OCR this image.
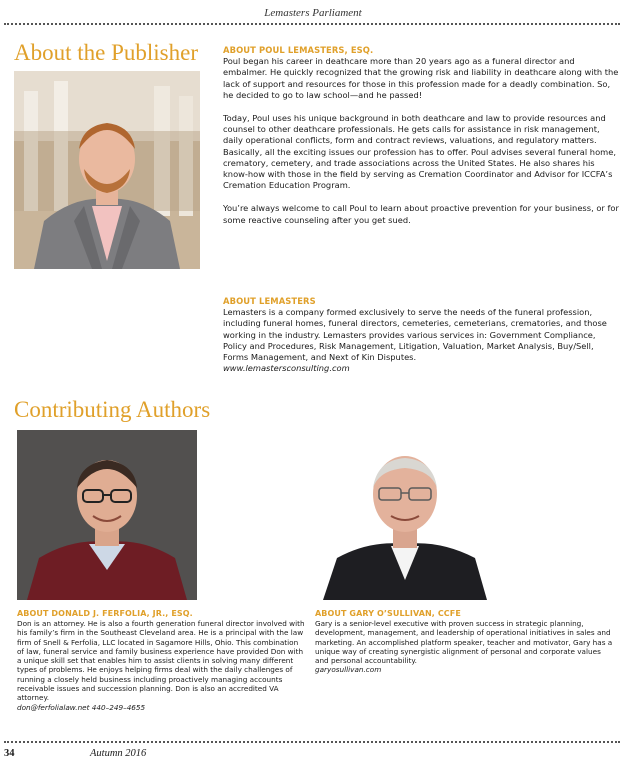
Lemasters Parliament
About the Publisher	ABOUT POUL LEMASTERS, ESQ.

Poul began his career in deathcare more than 20 years ago as a funeral director and embalmer. He quickly recognized that the growing risk and liability in deathcare along with the lack of support and resources for those in this profession made for a deadly combination. So, he decided to go to law school—and he passed!

Today, Poul uses his unique background in both deathcare and law to provide resources and counsel to other deathcare professionals. He gets calls for assistance in risk management, daily operational conflicts, form and contract reviews, valuations, and regulatory matters. Basically, all the exciting issues our profession has to offer. Poul advises several funeral home, crematory, cemetery, and trade associations across the United States. He also shares his know-how with those in the field by serving as Cremation Coordinator and Advisor for ICCFA’s Cremation Education Program.

You’re always welcome to call Poul to learn about proactive prevention for your business, or for some reactive counseling after you get sued.

ABOUT LEMASTERS

Lemasters is a company formed exclusively to serve the needs of the funeral profession, including funeral homes, funeral directors, cemeteries, cemeterians, crematories, and those working in the industry. Lemasters provides various services in: Government Compliance, Policy and Procedures, Risk Management, Litigation, Valuation, Market Analysis, Buy/Sell, Forms Management, and Next of Kin Disputes.

www.lemastersconsulting.com
Contributing Authors
ABOUT DONALD J. FERFOLIA, JR., ESQ.

Don is an attorney. He is also a fourth generation funeral director involved with his family’s firm in the Southeast Cleveland area. He is a principal with the law firm of Snell & Ferfolia, LLC located in Sagamore Hills, Ohio. This combination of law, funeral service and family business experience have provided Don with a unique skill set that enables him to assist clients in solving many different types of problems. He enjoys helping firms deal with the daily challenges of running a closely held business including proactively managing accounts receivable issues and succession planning. Don is also an accredited VA attorney.

don@ferfolialaw.net 440–249–4655
ABOUT GARY O’SULLIVAN, CCFE

Gary is a senior-level executive with proven success in strategic planning, development, management, and leadership of operational initiatives in sales and marketing. An accomplished platform speaker, teacher and motivator, Gary has a unique way of creating synergistic alignment of personal and corporate values and personal accountability.

garyosullivan.com
34	Autumn 2016
